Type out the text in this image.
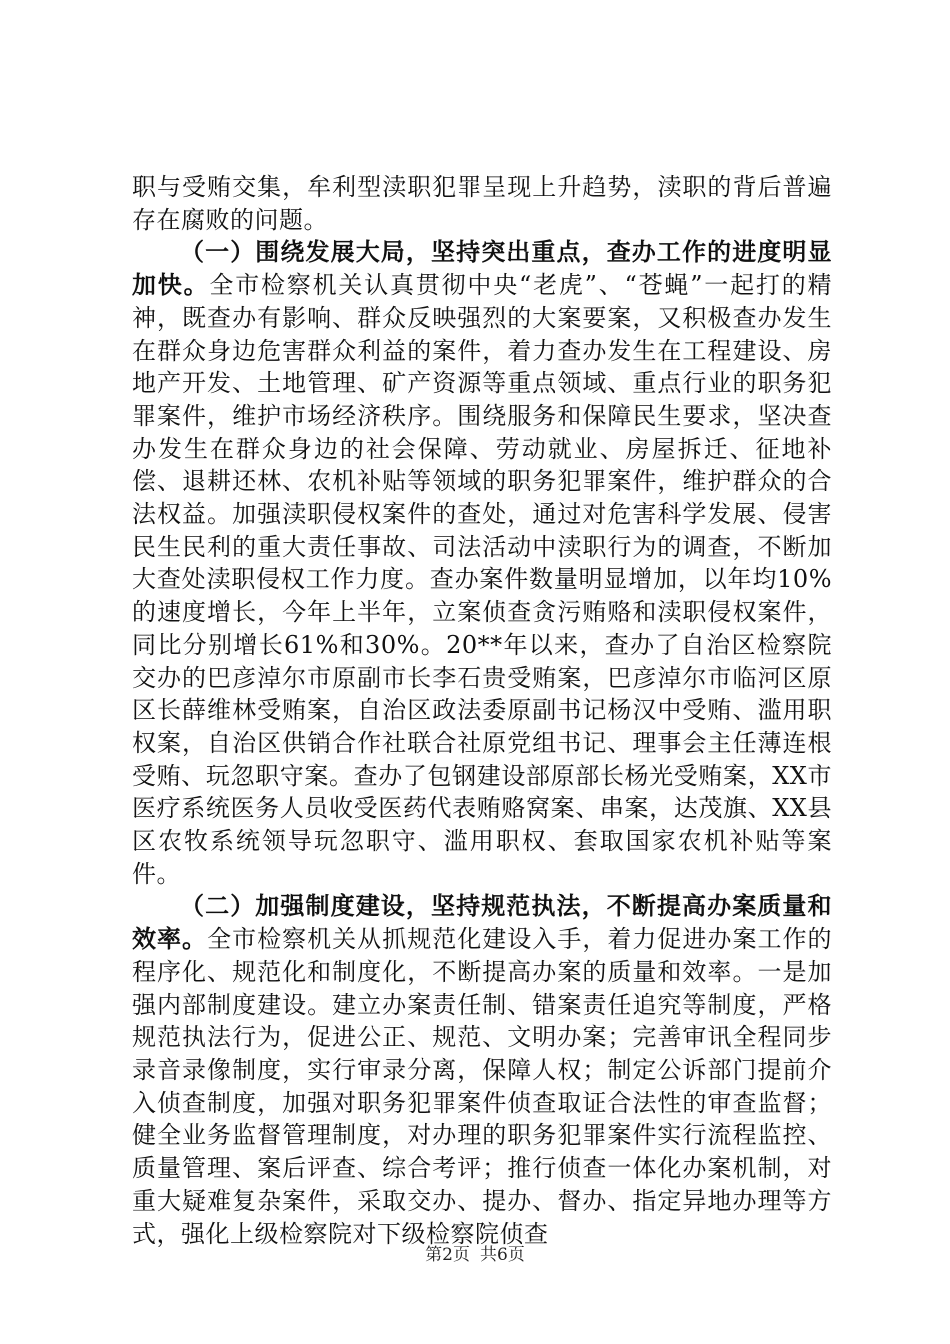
职与受贿交集，牟利型渎职犯罪呈现上升趋势，渎职的背后普遍存在腐败的问题。

（一）围绕发展大局，坚持突出重点，查办工作的进度明显加快。全市检察机关认真贯彻中央“老虎”、“苍蝇”一起打的精神，既查办有影响、群众反映强烈的大案要案，又积极查办发生在群众身边危害群众利益的案件，着力查办发生在工程建设、房地产开发、土地管理、矿产资源等重点领域、重点行业的职务犯罪案件，维护市场经济秩序。围绕服务和保障民生要求，坚决查办发生在群众身边的社会保障、劳动就业、房屋拆迁、征地补偿、退耕还林、农机补贴等领域的职务犯罪案件，维护群众的合法权益。加强渎职侵权案件的查处，通过对危害科学发展、侵害民生民利的重大责任事故、司法活动中渎职行为的调查，不断加大查处渎职侵权工作力度。查办案件数量明显增加，以年均10%的速度增长，今年上半年，立案侦查贪污贿赂和渎职侵权案件，同比分别增长61%和30%。20**年以来，查办了自治区检察院交办的巴彦淖尔市原副市长李石贵受贿案，巴彦淖尔市临河区原区长薛维林受贿案，自治区政法委原副书记杨汉中受贿、滥用职权案，自治区供销合作社联合社原党组书记、理事会主任薄连根受贿、玩忽职守案。查办了包钢建设部原部长杨光受贿案，XX市医疗系统医务人员收受医药代表贿赂窝案、串案，达茂旗、XX县区农牧系统领导玩忽职守、滥用职权、套取国家农机补贴等案件。

（二）加强制度建设，坚持规范执法，不断提高办案质量和效率。全市检察机关从抓规范化建设入手，着力促进办案工作的程序化、规范化和制度化，不断提高办案的质量和效率。一是加强内部制度建设。建立办案责任制、错案责任追究等制度，严格规范执法行为，促进公正、规范、文明办案；完善审讯全程同步录音录像制度，实行审录分离，保障人权；制定公诉部门提前介入侦查制度，加强对职务犯罪案件侦查取证合法性的审查监督；健全业务监督管理制度，对办理的职务犯罪案件实行流程监控、质量管理、案后评查、综合考评；推行侦查一体化办案机制，对重大疑难复杂案件，采取交办、提办、督办、指定异地办理等方式，强化上级检察院对下级检察院侦查

第2页 共6页
